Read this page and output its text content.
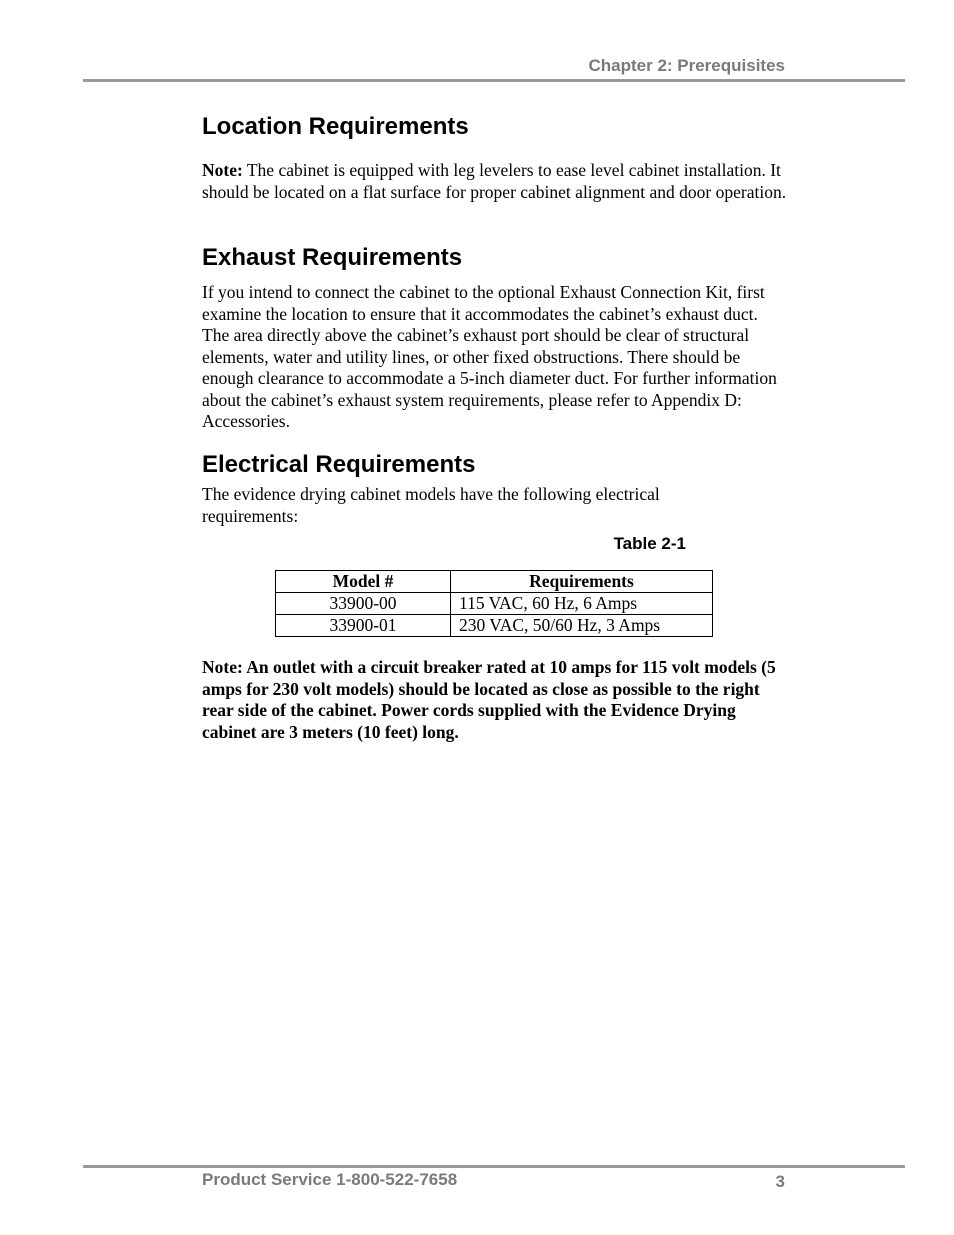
Chapter 2: Prerequisites
Location Requirements

Note: The cabinet is equipped with leg levelers to ease level cabinet installation. It should be located on a flat surface for proper cabinet alignment and door operation.

Exhaust Requirements

If you intend to connect the cabinet to the optional Exhaust Connection Kit, first examine the location to ensure that it accommodates the cabinet’s exhaust duct. The area directly above the cabinet’s exhaust port should be clear of structural elements, water and utility lines, or other fixed obstructions. There should be enough clearance to accommodate a 5-inch diameter duct. For further information about the cabinet’s exhaust system requirements, please refer to Appendix D: Accessories.

Electrical Requirements

The evidence drying cabinet models have the following electrical requirements:

Table 2-1
Model #	Requirements
33900-00	115 VAC, 60 Hz, 6 Amps
33900-01	230 VAC, 50/60 Hz, 3 Amps

Note: An outlet with a circuit breaker rated at 10 amps for 115 volt models (5 amps for 230 volt models) should be located as close as possible to the right rear side of the cabinet. Power cords supplied with the Evidence Drying cabinet are 3 meters (10 feet) long.

Product Service 1-800-522-7658	3
